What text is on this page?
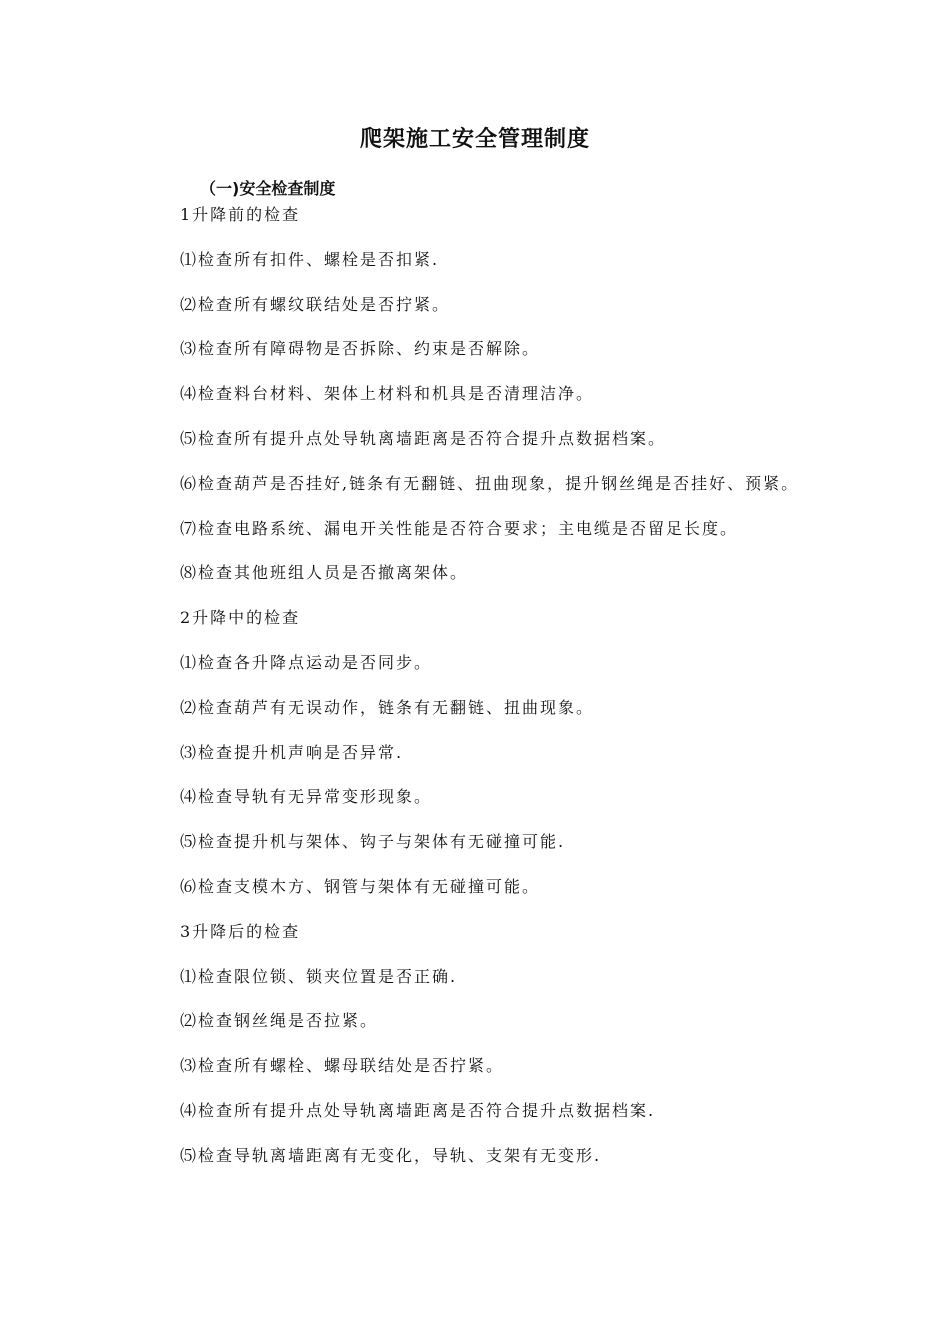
爬架施工安全管理制度
（一)安全检查制度

1升降前的检查

⑴检查所有扣件、螺栓是否扣紧.

⑵检查所有螺纹联结处是否拧紧。

⑶检查所有障碍物是否拆除、约束是否解除。

⑷检查料台材料、架体上材料和机具是否清理洁净。

⑸检查所有提升点处导轨离墙距离是否符合提升点数据档案。

⑹检查葫芦是否挂好,链条有无翻链、扭曲现象，提升钢丝绳是否挂好、预紧。

⑺检查电路系统、漏电开关性能是否符合要求；主电缆是否留足长度。

⑻检查其他班组人员是否撤离架体。

2升降中的检查

⑴检查各升降点运动是否同步。

⑵检查葫芦有无误动作，链条有无翻链、扭曲现象。

⑶检查提升机声响是否异常.

⑷检查导轨有无异常变形现象。

⑸检查提升机与架体、钩子与架体有无碰撞可能.

⑹检查支模木方、钢管与架体有无碰撞可能。

3升降后的检查

⑴检查限位锁、锁夹位置是否正确.

⑵检查钢丝绳是否拉紧。

⑶检查所有螺栓、螺母联结处是否拧紧。

⑷检查所有提升点处导轨离墙距离是否符合提升点数据档案.

⑸检查导轨离墙距离有无变化，导轨、支架有无变形.
